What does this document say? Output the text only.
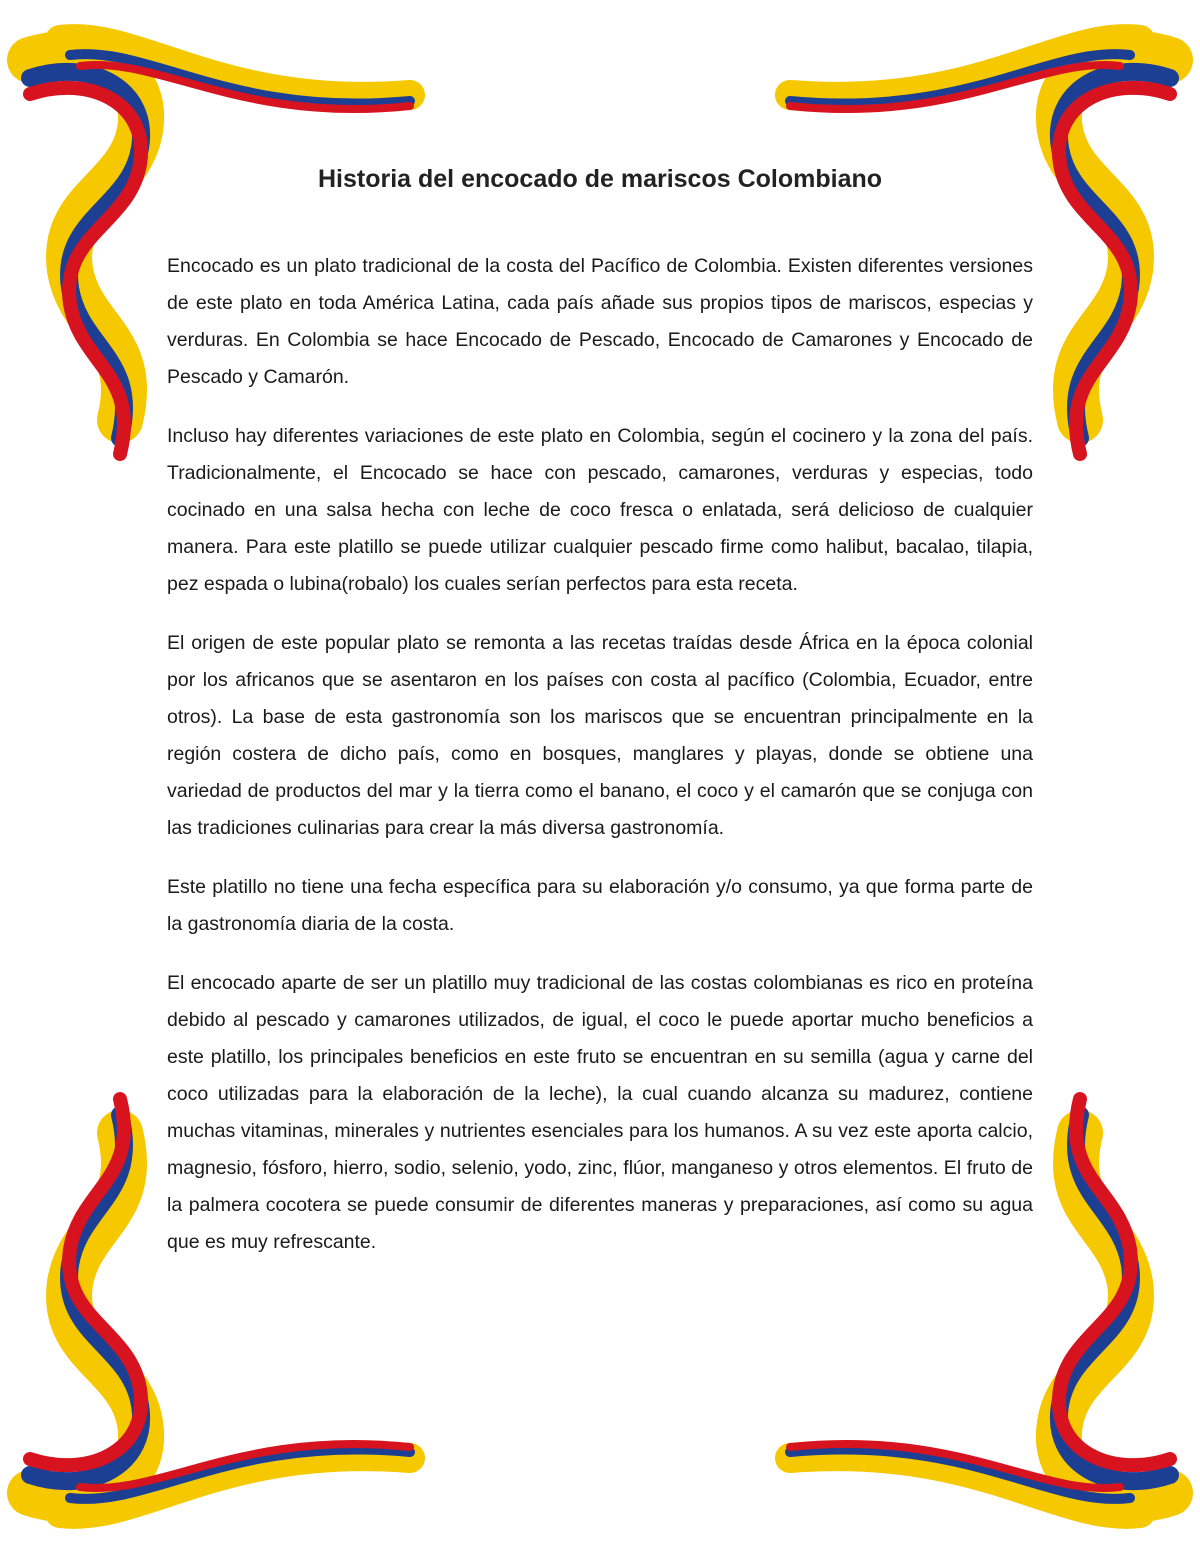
Historia del encocado de mariscos Colombiano

Encocado es un plato tradicional de la costa del Pacífico de Colombia. Existen diferentes versiones de este plato en toda América Latina, cada país añade sus propios tipos de mariscos, especias y verduras. En Colombia se hace Encocado de Pescado, Encocado de Camarones y Encocado de Pescado y Camarón.

Incluso hay diferentes variaciones de este plato en Colombia, según el cocinero y la zona del país. Tradicionalmente, el Encocado se hace con pescado, camarones, verduras y especias, todo cocinado en una salsa hecha con leche de coco fresca o enlatada, será delicioso de cualquier manera. Para este platillo se puede utilizar cualquier pescado firme como halibut, bacalao, tilapia, pez espada o lubina(robalo) los cuales serían perfectos para esta receta.

El origen de este popular plato se remonta a las recetas traídas desde África en la época colonial por los africanos que se asentaron en los países con costa al pacífico (Colombia, Ecuador, entre otros). La base de esta gastronomía son los mariscos que se encuentran principalmente en la región costera de dicho país, como en bosques, manglares y playas, donde se obtiene una variedad de productos del mar y la tierra como el banano, el coco y el camarón que se conjuga con las tradiciones culinarias para crear la más diversa gastronomía.

Este platillo no tiene una fecha específica para su elaboración y/o consumo, ya que forma parte de la gastronomía diaria de la costa.

El encocado aparte de ser un platillo muy tradicional de las costas colombianas es rico en proteína debido al pescado y camarones utilizados, de igual, el coco le puede aportar mucho beneficios a este platillo, los principales beneficios en este fruto se encuentran en su semilla (agua y carne del coco utilizadas para la elaboración de la leche), la cual cuando alcanza su madurez, contiene muchas vitaminas, minerales y nutrientes esenciales para los humanos. A su vez este aporta calcio, magnesio, fósforo, hierro, sodio, selenio, yodo, zinc, flúor, manganeso y otros elementos. El fruto de la palmera cocotera se puede consumir de diferentes maneras y preparaciones, así como su agua que es muy refrescante.
